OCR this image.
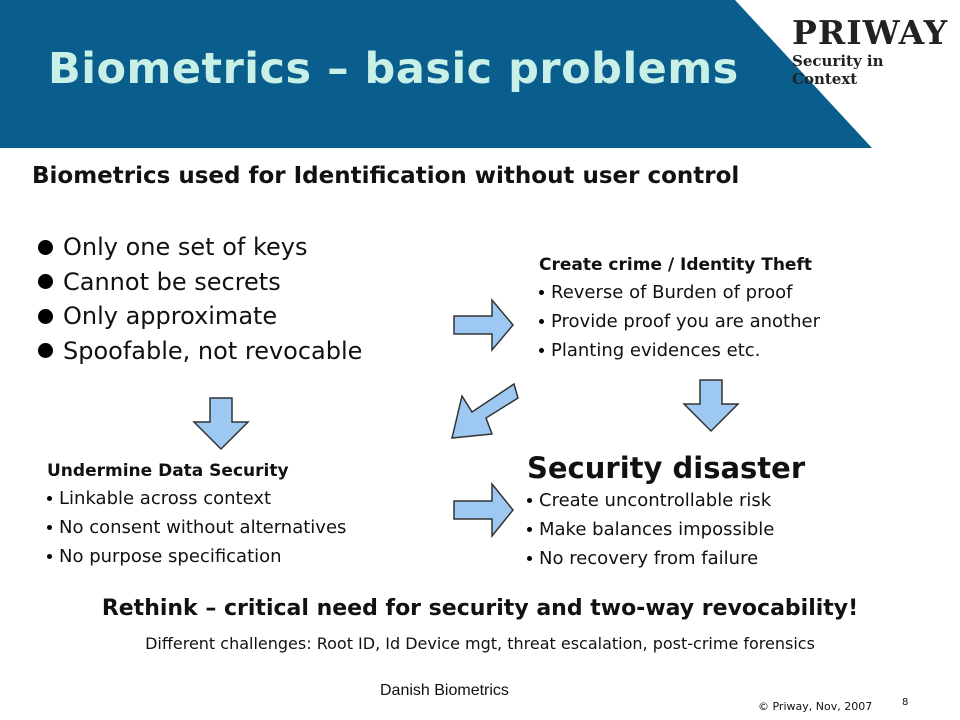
Biometrics – basic problems
PRIWAY
Security in Context
Biometrics used for Identification without user control
Only one set of keys
Cannot be secrets
Only approximate
Spoofable, not revocable
Create crime / Identity Theft
Reverse of Burden of proof
Provide proof you are another
Planting evidences etc.
Undermine Data Security
Linkable across context
No consent without alternatives
No purpose specification
Security disaster
Create uncontrollable risk
Make balances impossible
No recovery from failure
Rethink – critical need for security and two-way revocability!
Different challenges: Root ID, Id Device mgt, threat escalation, post-crime forensics
Danish Biometrics
© Priway, Nov, 2007	8
